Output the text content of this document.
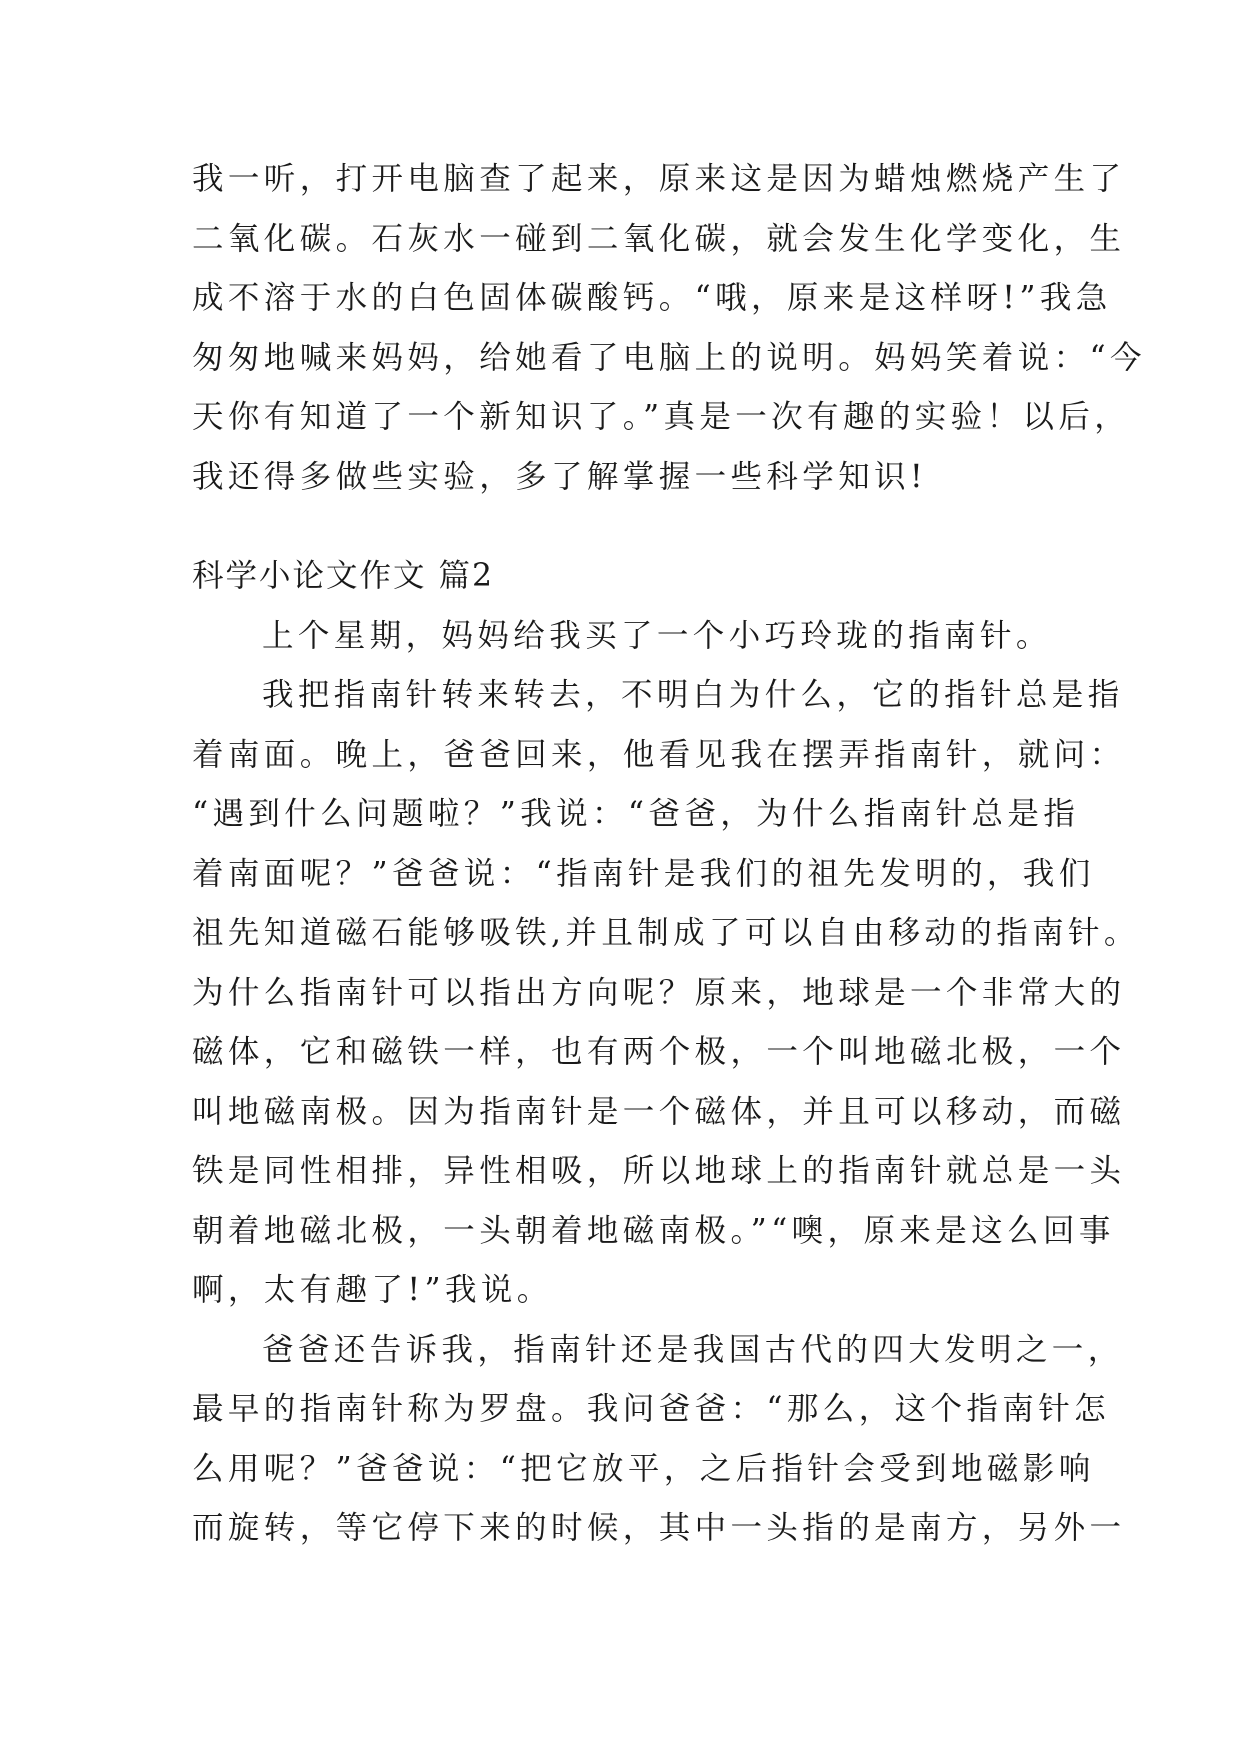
我一听，打开电脑查了起来，原来这是因为蜡烛燃烧产生了
二氧化碳。石灰水一碰到二氧化碳，就会发生化学变化，生
成不溶于水的白色固体碳酸钙。“哦，原来是这样呀!”我急
匆匆地喊来妈妈，给她看了电脑上的说明。妈妈笑着说：“今
天你有知道了一个新知识了。”真是一次有趣的实验！以后，
我还得多做些实验，多了解掌握一些科学知识!
科学小论文作文 篇2
上个星期，妈妈给我买了一个小巧玲珑的指南针。
我把指南针转来转去，不明白为什么，它的指针总是指
着南面。晚上，爸爸回来，他看见我在摆弄指南针，就问：
“遇到什么问题啦？”我说：“爸爸，为什么指南针总是指
着南面呢？”爸爸说：“指南针是我们的祖先发明的，我们
祖先知道磁石能够吸铁,并且制成了可以自由移动的指南针。
为什么指南针可以指出方向呢？原来，地球是一个非常大的
磁体，它和磁铁一样，也有两个极，一个叫地磁北极，一个
叫地磁南极。因为指南针是一个磁体，并且可以移动，而磁
铁是同性相排，异性相吸，所以地球上的指南针就总是一头
朝着地磁北极，一头朝着地磁南极。”“噢，原来是这么回事
啊，太有趣了!”我说。
爸爸还告诉我，指南针还是我国古代的四大发明之一，
最早的指南针称为罗盘。我问爸爸：“那么，这个指南针怎
么用呢？”爸爸说：“把它放平，之后指针会受到地磁影响
而旋转，等它停下来的时候，其中一头指的是南方，另外一
